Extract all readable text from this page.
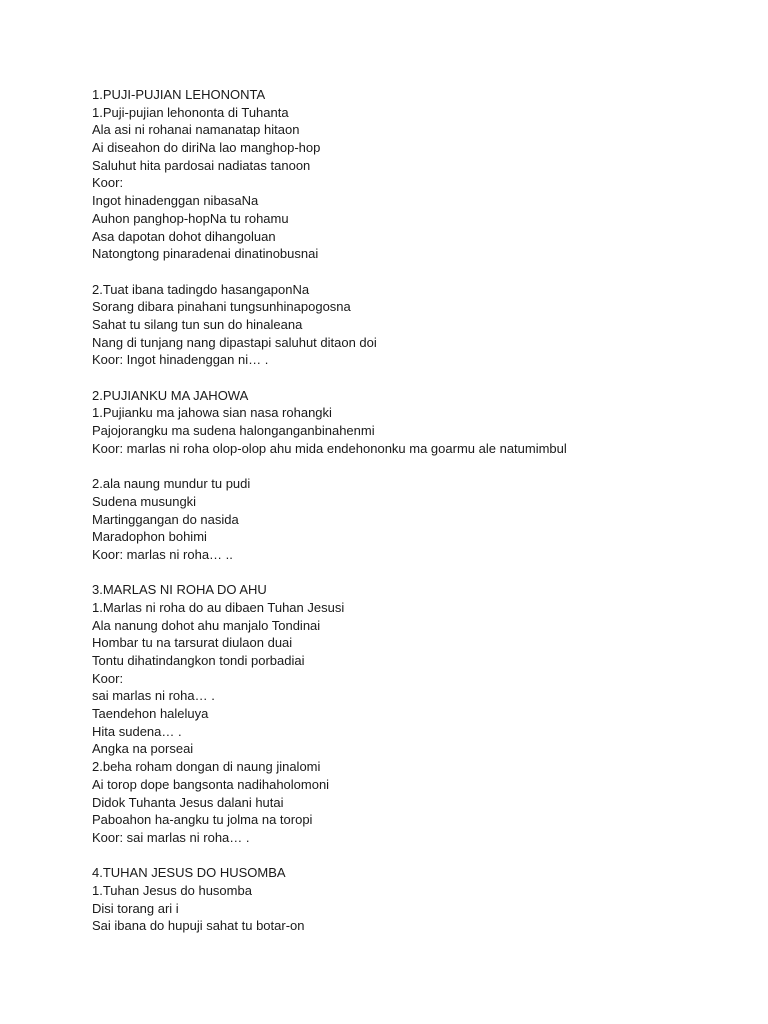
1.PUJI-PUJIAN LEHONONTA
1.Puji-pujian lehononta di Tuhanta
Ala asi ni rohanai namanatap hitaon
Ai diseahon do diriNa lao manghop-hop
Saluhut hita pardosai nadiatas tanoon
Koor:
Ingot hinadenggan nibasaNa
Auhon panghop-hopNa tu rohamu
Asa dapotan dohot dihangoluan
Natongtong pinaradenai dinatinobusnai
2.Tuat ibana tadingdo hasangaponNa
Sorang dibara pinahani tungsunhinapogosna
Sahat tu silang tun sun do hinaleana
Nang di tunjang nang dipastapi saluhut ditaon doi
Koor: Ingot hinadenggan ni… .
2.PUJIANKU MA JAHOWA
1.Pujianku ma jahowa sian nasa rohangki
Pajojorangku ma sudena halonganganbinahenmi
Koor: marlas ni roha olop-olop ahu mida endehononku ma goarmu ale natumimbul
2.ala naung mundur tu pudi
Sudena musungki
Martinggangan do nasida
Maradophon bohimi
Koor: marlas ni roha… ..
3.MARLAS NI ROHA DO AHU
1.Marlas ni roha do au dibaen Tuhan Jesusi
Ala nanung dohot ahu manjalo Tondinai
Hombar tu na tarsurat diulaon duai
Tontu dihatindangkon tondi porbadiai
Koor:
sai marlas ni roha… .
Taendehon haleluya
Hita sudena… .
Angka na porseai
2.beha roham dongan di naung jinalomi
Ai torop dope bangsonta nadihaholomoni
Didok Tuhanta Jesus dalani hutai
Paboahon ha-angku tu jolma na toropi
Koor: sai marlas ni roha… .
4.TUHAN JESUS DO HUSOMBA
1.Tuhan Jesus do husomba
Disi torang ari i
Sai ibana do hupuji sahat tu botar-on
